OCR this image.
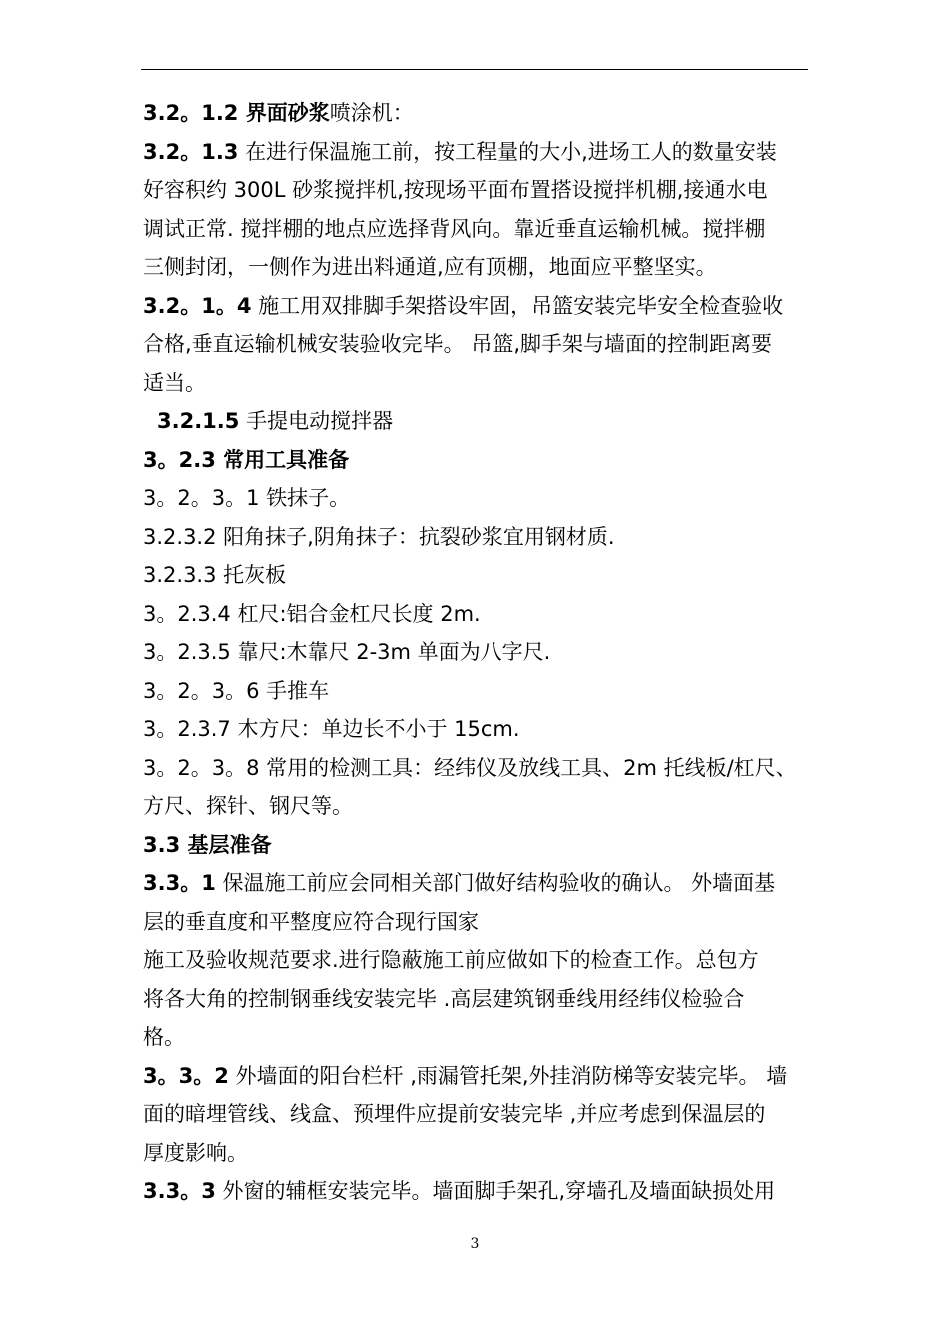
3.2。1.2 界面砂浆喷涂机：
3.2。1.3 在进行保温施工前，按工程量的大小,进场工人的数量安装
好容积约 300L 砂浆搅拌机,按现场平面布置搭设搅拌机棚,接通水电
调试正常. 搅拌棚的地点应选择背风向。靠近垂直运输机械。搅拌棚
三侧封闭，一侧作为进出料通道,应有顶棚，地面应平整坚实。
3.2。1。4 施工用双排脚手架搭设牢固，吊篮安装完毕安全检查验收
合格,垂直运输机械安装验收完毕。 吊篮,脚手架与墙面的控制距离要
适当。
3.2.1.5 手提电动搅拌器
3。2.3 常用工具准备
3。2。3。1 铁抹子。
3.2.3.2 阳角抹子,阴角抹子：抗裂砂浆宜用钢材质.
3.2.3.3 托灰板
3。2.3.4 杠尺:铝合金杠尺长度 2m.
3。2.3.5 靠尺:木靠尺 2-3m 单面为八字尺.
3。2。3。6 手推车
3。2.3.7 木方尺：单边长不小于 15cm.
3。2。3。8 常用的检测工具：经纬仪及放线工具、2m 托线板/杠尺、
方尺、探针、钢尺等。
3.3 基层准备
3.3。1 保温施工前应会同相关部门做好结构验收的确认。 外墙面基
层的垂直度和平整度应符合现行国家
施工及验收规范要求.进行隐蔽施工前应做如下的检查工作。总包方
将各大角的控制钢垂线安装完毕 .高层建筑钢垂线用经纬仪检验合
格。
3。3。2 外墙面的阳台栏杆 ,雨漏管托架,外挂消防梯等安装完毕。 墙
面的暗埋管线、线盒、预埋件应提前安装完毕 ,并应考虑到保温层的
厚度影响。
3.3。3 外窗的辅框安装完毕。墙面脚手架孔,穿墙孔及墙面缺损处用
3
